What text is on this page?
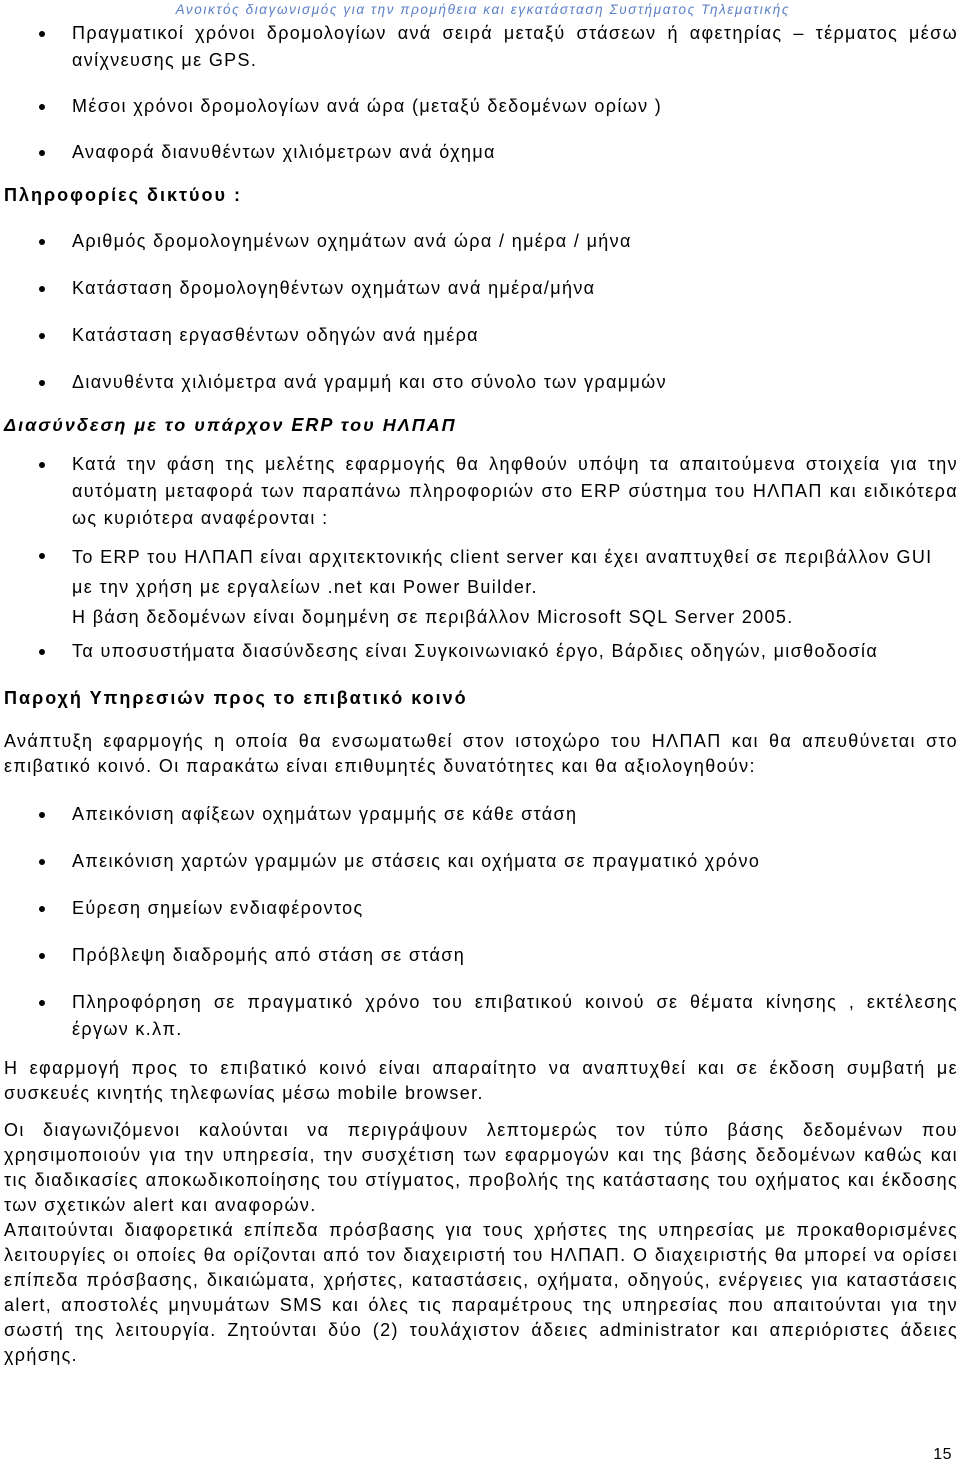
Ανοικτός διαγωνισμός για την προμήθεια και εγκατάσταση Συστήματος Τηλεματικής
Πραγματικοί χρόνοι δρομολογίων ανά σειρά μεταξύ στάσεων ή αφετηρίας – τέρματος μέσω ανίχνευσης με GPS.
Μέσοι χρόνοι δρομολογίων ανά ώρα (μεταξύ δεδομένων ορίων )
Αναφορά διανυθέντων χιλιόμετρων ανά όχημα
Πληροφορίες δικτύου :
Αριθμός δρομολογημένων οχημάτων ανά ώρα / ημέρα / μήνα
Κατάσταση δρομολογηθέντων οχημάτων ανά ημέρα/μήνα
Κατάσταση εργασθέντων οδηγών ανά ημέρα
Διανυθέντα χιλιόμετρα ανά γραμμή και στο σύνολο των γραμμών
Διασύνδεση με το υπάρχον ERP του ΗΛΠΑΠ
Κατά την φάση της μελέτης εφαρμογής θα ληφθούν υπόψη τα απαιτούμενα στοιχεία για την αυτόματη μεταφορά των παραπάνω πληροφοριών στο ERP σύστημα του ΗΛΠΑΠ και ειδικότερα ως κυριότερα αναφέρονται :
Το ERP του ΗΛΠΑΠ είναι αρχιτεκτονικής client server και έχει αναπτυχθεί σε περιβάλλον GUI με την χρήση με εργαλείων .net και Power Builder.
Η βάση δεδομένων είναι δομημένη σε περιβάλλον Microsoft SQL Server 2005.
Τα υποσυστήματα διασύνδεσης είναι Συγκοινωνιακό έργο, Βάρδιες οδηγών, μισθοδοσία
Παροχή Υπηρεσιών προς το επιβατικό κοινό
Ανάπτυξη εφαρμογής η οποία θα ενσωματωθεί στον ιστοχώρο του ΗΛΠΑΠ και θα απευθύνεται στο επιβατικό κοινό. Οι παρακάτω είναι επιθυμητές δυνατότητες και θα αξιολογηθούν:
Απεικόνιση αφίξεων οχημάτων γραμμής σε κάθε στάση
Απεικόνιση χαρτών γραμμών με στάσεις και οχήματα σε πραγματικό χρόνο
Εύρεση σημείων ενδιαφέροντος
Πρόβλεψη διαδρομής από στάση σε στάση
Πληροφόρηση σε πραγματικό χρόνο του επιβατικού κοινού σε θέματα κίνησης , εκτέλεσης έργων κ.λπ.
Η εφαρμογή προς το επιβατικό κοινό είναι απαραίτητο να αναπτυχθεί και σε έκδοση συμβατή με συσκευές κινητής τηλεφωνίας μέσω mobile browser.
Οι διαγωνιζόμενοι καλούνται να περιγράψουν λεπτομερώς τον τύπο βάσης δεδομένων που χρησιμοποιούν για την υπηρεσία, την συσχέτιση των εφαρμογών και της βάσης δεδομένων καθώς και τις διαδικασίες αποκωδικοποίησης του στίγματος, προβολής της κατάστασης του οχήματος και έκδοσης των σχετικών alert και αναφορών.
Απαιτούνται διαφορετικά επίπεδα πρόσβασης για τους χρήστες της υπηρεσίας με προκαθορισμένες λειτουργίες οι οποίες θα ορίζονται από τον διαχειριστή του ΗΛΠΑΠ. Ο διαχειριστής θα μπορεί να ορίσει επίπεδα πρόσβασης, δικαιώματα, χρήστες, καταστάσεις, οχήματα, οδηγούς, ενέργειες για καταστάσεις alert, αποστολές μηνυμάτων SMS και όλες τις παραμέτρους της υπηρεσίας που απαιτούνται για την σωστή της λειτουργία. Ζητούνται δύο (2) τουλάχιστον άδειες administrator και απεριόριστες άδειες χρήσης.
15
